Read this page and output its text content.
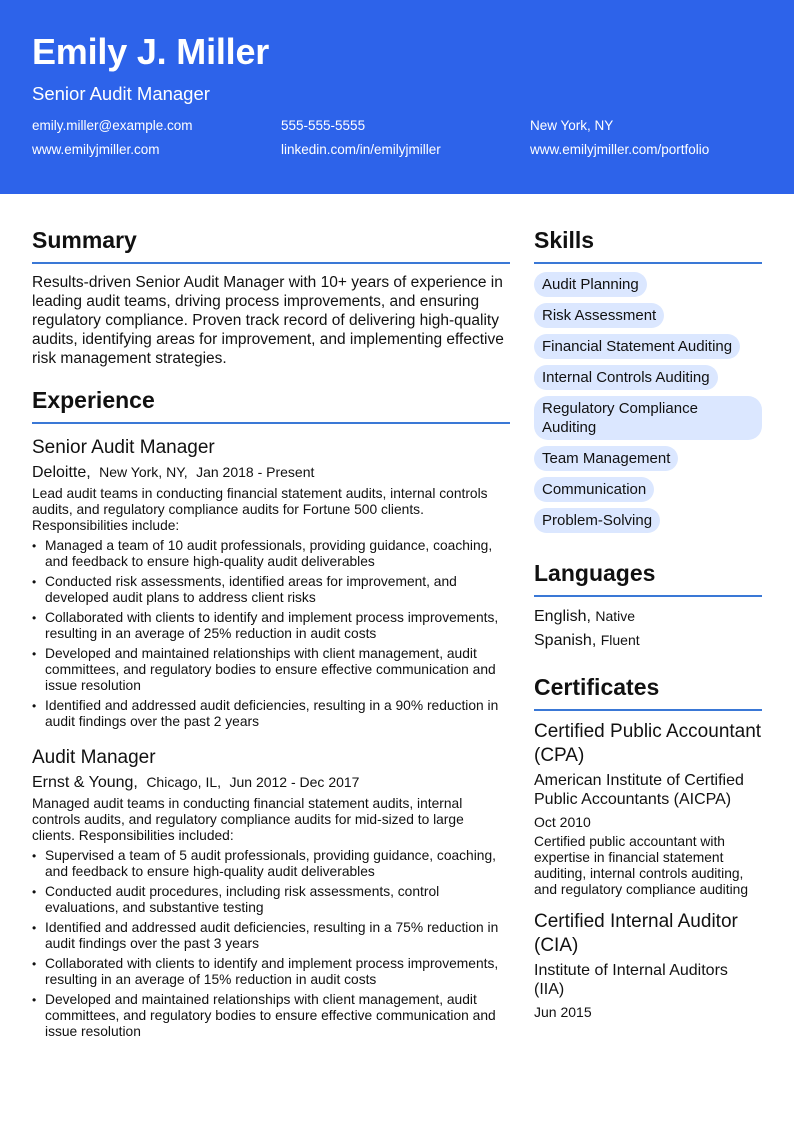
Emily J. Miller
Senior Audit Manager
emily.miller@example.com	555-555-5555	New York, NY
www.emilyjmiller.com	linkedin.com/in/emilyjmiller	www.emilyjmiller.com/portfolio
Summary

Results-driven Senior Audit Manager with 10+ years of experience in leading audit teams, driving process improvements, and ensuring regulatory compliance. Proven track record of delivering high-quality audits, identifying areas for improvement, and implementing effective risk management strategies.

Experience
Senior Audit Manager
Deloitte, New York, NY, Jan 2018 - Present

Lead audit teams in conducting financial statement audits, internal controls audits, and regulatory compliance audits for Fortune 500 clients. Responsibilities include:

• Managed a team of 10 audit professionals, providing guidance, coaching, and feedback to ensure high-quality audit deliverables
• Conducted risk assessments, identified areas for improvement, and developed audit plans to address client risks
• Collaborated with clients to identify and implement process improvements, resulting in an average of 25% reduction in audit costs
• Developed and maintained relationships with client management, audit committees, and regulatory bodies to ensure effective communication and issue resolution
• Identified and addressed audit deficiencies, resulting in a 90% reduction in audit findings over the past 2 years
Audit Manager
Ernst & Young, Chicago, IL, Jun 2012 - Dec 2017

Managed audit teams in conducting financial statement audits, internal controls audits, and regulatory compliance audits for mid-sized to large clients. Responsibilities included:

• Supervised a team of 5 audit professionals, providing guidance, coaching, and feedback to ensure high-quality audit deliverables
• Conducted audit procedures, including risk assessments, control evaluations, and substantive testing
• Identified and addressed audit deficiencies, resulting in a 75% reduction in audit findings over the past 3 years
• Collaborated with clients to identify and implement process improvements, resulting in an average of 15% reduction in audit costs
• Developed and maintained relationships with client management, audit committees, and regulatory bodies to ensure effective communication and issue resolution
Skills
Audit Planning
Risk Assessment
Financial Statement Auditing
Internal Controls Auditing
Regulatory Compliance Auditing
Team Management
Communication
Problem-Solving
Languages
English, Native
Spanish, Fluent
Certificates
Certified Public Accountant (CPA)
American Institute of Certified Public Accountants (AICPA)
Oct 2010
Certified public accountant with expertise in financial statement auditing, internal controls auditing, and regulatory compliance auditing
Certified Internal Auditor (CIA)
Institute of Internal Auditors (IIA)
Jun 2015
